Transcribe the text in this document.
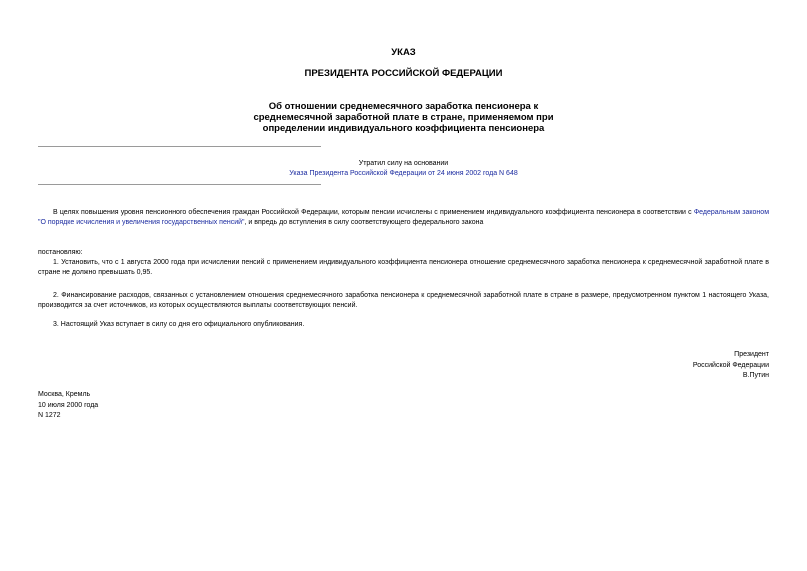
УКАЗ
ПРЕЗИДЕНТА РОССИЙСКОЙ ФЕДЕРАЦИИ
Об отношении среднемесячного заработка пенсионера к
среднемесячной заработной плате в стране, применяемом при
определении индивидуального коэффициента пенсионера
Утратил силу на основании
Указа Президента Российской Федерации от 24 июня 2002 года N 648
В целях повышения уровня пенсионного обеспечения граждан Российской Федерации, которым пенсии исчислены с применением индивидуального коэффициента пенсионера в соответствии с Федеральным законом "О порядке исчисления и увеличения государственных пенсий", и впредь до вступления в силу соответствующего федерального закона
постановляю:
1. Установить, что с 1 августа 2000 года при исчислении пенсий с применением индивидуального коэффициента пенсионера отношение среднемесячного заработка пенсионера к среднемесячной заработной плате в стране не должно превышать 0,95.
2. Финансирование расходов, связанных с установлением отношения среднемесячного заработка пенсионера к среднемесячной заработной плате в стране в размере, предусмотренном пунктом 1 настоящего Указа, производится за счет источников, из которых осуществляются выплаты соответствующих пенсий.
3. Настоящий Указ вступает в силу со дня его официального опубликования.
Президент
Российской Федерации
В.Путин
Москва, Кремль
10 июля 2000 года
N 1272
